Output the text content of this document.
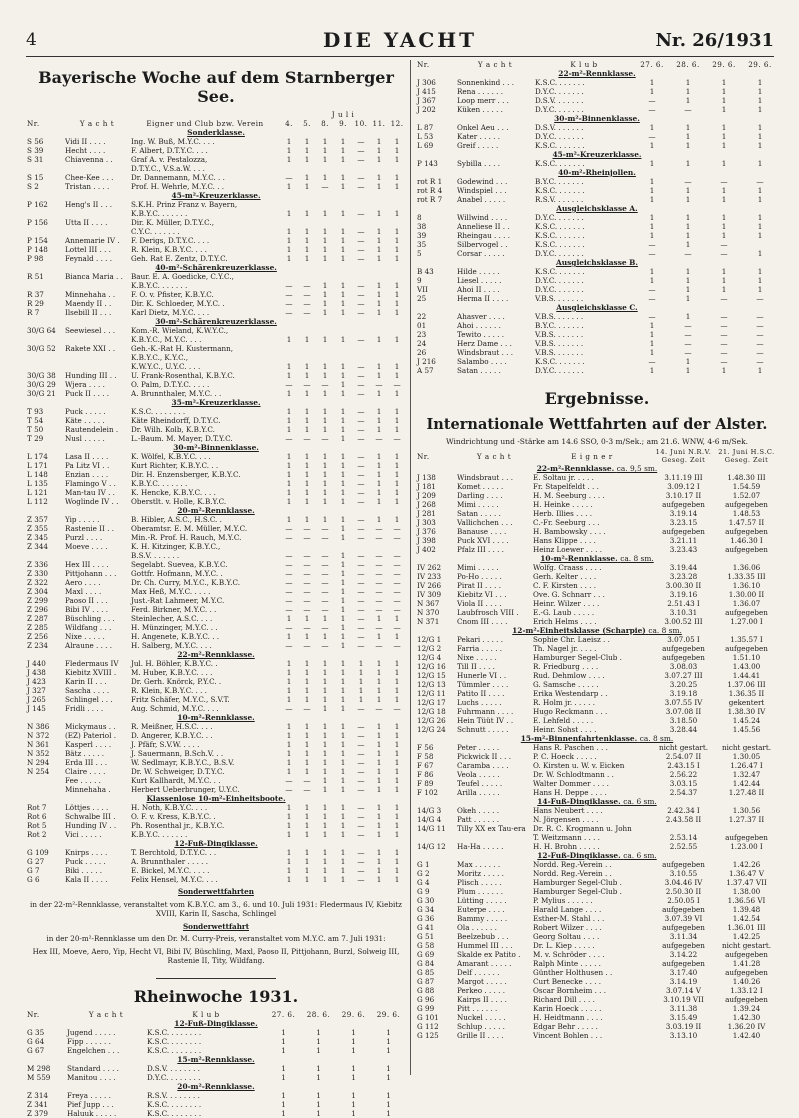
4	DIE YACHT	Nr. 26/1931
Bayerische Woche auf dem Starnberger See.
			J u l i						
Nr.	Y a c h t	Eigner und Club bzw. Verein	4.	5.	8.	9.	10.	11.	12.
Sonderklasse.									
S 56	Vidi II . . . .	Ing. W. Buß, M.Y.C. . . .	1	1	1	1	—	1	1
S 39	Hecht . . . .	F. Albert, D.T.Y.C. . . .	1	1	1	1	—	1	1
S 31	Chiavenna . .	Graf A. v. Pestalozza,	1	1	1	1	—	1	1
		D.T.Y.C., V.S.a.W. . . .							
S 15	Chee-Kee . . .	Dr. Dannemann, M.Y.C. . .	—	1	1	1	—	1	1
S 2	Tristan . . . .	Prof. H. Wehrle, M.Y.C. . .	1	1	—	1	—	1	1
45-m²-Kreuzerklasse.									
P 162	Heng's II . . .	S.K.H. Prinz Franz v. Bayern,							
		K.B.Y.C. . . . . . .	1	1	1	1	—	1	1
P 156	Utta II . . . .	Dir. K. Müller, D.T.Y.C.,							
		C.Y.C. . . . . . .	1	1	1	1	—	1	1
P 154	Annemarie IV .	F. Derigs, D.T.Y.C. . . .	1	1	1	1	—	1	1
P 148	Lottel III . . .	R. Klein, K.B.Y.C. . . .	1	1	1	1	—	1	1
P 98	Feynald . . . .	Geh. Rat E. Zentz, D.T.Y.C.	1	1	1	1	—	1	1
40-m²-Schärenkreuzerklasse.									
R 51	Bianca Maria . .	Baur. E. A. Goedicke, C.Y.C.,							
		K.B.Y.C. . . . . . .	—	—	1	1	—	1	1
R 37	Minnehaha . .	F. O. v. Pfister, K.B.Y.C.	—	—	1	1	—	1	1
R 29	Maendy II . .	Dir. K. Schloeder, M.Y.C. .	—	—	1	1	—	1	1
R 7	Ilsebill II . . .	Karl Dietz, M.Y.C. . . .	—	—	1	1	—	1	1
30-m²-Schärenkreuzerklasse.									
30/G 64	Seewiesel . . .	Kom.-R. Wieland, K.W.Y.C.,							
		K.B.Y.C., M.Y.C. . . .	1	1	1	1	—	1	1
30/G 52	Rakete XXI . .	Geh.-K.-Rat H. Kustermann,							
		K.B.Y.C., K.Y.C.,							
		K.W.Y.C., U.Y.C. . . .	1	1	1	1	—	1	1
30/G 38	Hunding III . .	U. Frank-Rosenthal, K.B.Y.C.	1	1	1	1	—	1	1
30/G 29	Wjera . . . .	O. Palm, D.T.Y.C. . . . .	—	—	—	1	—	—	—
30/G 21	Puck II . . . .	A. Brunnthaler, M.Y.C. . .	1	1	1	1	—	1	1
35-m²-Kreuzerklasse.									
T 93	Puck . . . . .	K.S.C. . . . . . . .	1	1	1	1	—	1	1
T 54	Käte . . . . .	Käte Rheindorff, D.T.Y.C.	1	1	1	1	—	1	1
T 50	Rautendelein .	Dr. Wilh. Kolb, K.B.Y.C.	1	1	1	1	—	1	1
T 29	Nusl . . . . .	L.-Baum. M. Mayer, D.T.Y.C.	—	—	—	1	—	—	—
30-m²-Binnenklasse.									
L 174	Lasa II . . . .	K. Wölfel, K.B.Y.C. . . .	1	1	1	1	—	1	1
L 171	Pa Litz VI . .	Kurt Richter, K.B.Y.C. . .	1	1	1	1	—	1	1
L 148	Enzian . . . .	Dir. H. Enzensberger, K.B.Y.C.	1	1	1	1	—	1	1
L 135	Flamingo V . .	K.B.Y.C. . . . . . .	1	1	1	1	—	1	1
L 121	Man-tau IV . .	K. Hencke, K.B.Y.C. . . .	1	1	1	1	—	1	1
L 112	Woglinde IV . .	Oberstlt. v. Holle, K.B.Y.C.	1	1	1	1	—	1	1
20-m²-Rennklasse.									
Z 357	Yip . . . . .	B. Hibler, A.S.C., H.S.C. .	1	1	1	1	—	1	1
Z 355	Rastenie II . .	Oberamtsr. E. M. Müller, M.Y.C.	—	—	—	1	—	—	—
Z 345	Purzl . . . .	Min.-R. Prof. H. Rauch, M.Y.C.	—	—	—	1	—	—	—
Z 344	Moeve . . . .	K. H. Kitzinger, K.B.Y.C.,							
		B.S.V. . . . . . .	—	—	—	1	—	—	—
Z 336	Hex III . . . .	Segelabt. Suevea, K.B.Y.C.	—	—	—	1	—	—	—
Z 330	Pittjohann . . .	Gottfr. Hofmann, M.Y.C. .	—	—	—	1	—	—	—
Z 322	Aero . . . .	Dr. Ch. Curry, M.Y.C., K.B.Y.C.	—	—	—	1	—	—	—
Z 304	Maxl . . . .	Max Heß, M.Y.C. . . . .	—	—	—	1	—	—	—
Z 299	Paoso II . . .	Just.-Rat Lahmeer, M.Y.C.	—	—	—	1	—	—	—
Z 296	Bibi IV . . . .	Ferd. Birkner, M.Y.C. . .	—	—	—	1	—	—	—
Z 287	Büschling . . .	Steinlecher, A.S.C. . . .	1	1	1	1	—	1	1
Z 285	Wildfang . . .	H. Münzinger, M.Y.C. . .	—	—	—	1	—	—	—
Z 256	Nixe . . . . .	H. Angenete, K.B.Y.C. . .	1	1	1	1	—	1	1
Z 234	Alraune . . . .	H. Salberg, M.Y.C. . . .	—	—	—	1	—	—	—
22-m²-Rennklasse.									
J 440	Fledermaus IV	Jul. H. Böhler, K.B.Y.C. .	1	1	1	1	1	1	1
J 438	Kiebitz XVIII .	M. Huber, K.B.Y.C. . . .	1	1	1	1	1	1	1
J 423	Karin II . . .	Dr. Gerh. Knörck, P.Y.C. .	1	1	1	1	1	1	1
J 327	Sascha . . . .	R. Klein, K.B.Y.C. . . .	1	1	1	1	1	1	1
J 265	Schlingel . . .	Fritz Schäfer, M.Y.C., S.V.T.	1	1	1	1	1	1	1
J 145	Fridli . . . .	Aug. Schmid, M.Y.C. . . .	—	—	1	1	—	—	—
10-m²-Rennklasse.									
N 386	Mickymaus . .	R. Meißner, H.S.C. . . .	1	1	1	1	—	1	1
N 372	(EZ) Pateriol .	D. Angerer, K.B.Y.C. . .	1	1	1	1	—	1	1
N 361	Kasperl . . . .	J. Pfäfr, S.V.W. . . . .	1	1	1	1	—	1	1
N 352	Bätz . . . . .	J. Sauermann, B.Sch.V. . .	1	1	1	1	—	1	1
N 294	Erda III . . .	W. Sedlmayr, K.B.Y.C., B.S.V.	1	1	1	1	—	1	1
N 254	Claire . . . .	Dr. W. Schweiger, D.T.Y.C.	1	1	1	1	—	1	1
	Fee . . . . .	Kurt Kallhardt, M.Y.C. . .	—	—	1	1	—	1	1
	Minnehaha .	Herbert Ueberbrunger, U.Y.C.	—	—	1	1	—	1	1
Klassenlose 10-m²-Einheitsboote.									
Rot 7	Löttjes . . . .	H. Noth, K.B.Y.C. . . .	1	1	1	1	—	1	1
Rot 6	Schwalbe III .	O. F. v. Kress, K.B.Y.C. .	1	1	1	1	—	1	1
Rot 5	Hunding IV . .	Ph. Rosenthal jr., K.B.Y.C.	1	1	1	1	—	1	1
Rot 2	Vici . . . . .	K.B.Y.C. . . . . . .	1	1	1	1	—	1	1
12-Fuß-Dingiklasse.									
G 109	Knirps . . . .	T. Berchtold, D.T.Y.C. . .	1	1	1	1	—	1	1
G 27	Puck . . . . .	A. Brunnthaler . . . . .	1	1	1	1	—	1	1
G 7	Biki . . . . .	E. Bickel, M.Y.C. . . . .	1	1	1	1	—	1	1
G 6	Kala II . . . .	Felix Hensel, M.Y.C. . . .	1	1	1	1	—	1	1
Sonderwettfahrten
in der 22-m²-Rennklasse, veranstaltet vom K.B.Y.C. am 3., 6. und 10. Juli 1931: Fledermaus IV, Kiebitz XVIII, Karin II, Sascha, Schlingel
Sonderwettfahrt
in der 20-m²-Rennklasse um den Dr. M. Curry-Preis, veranstaltet vom M.Y.C. am 7. Juli 1931:
Hex III, Moeve, Aero, Yip, Hecht VI, Bibi IV, Büschling, Maxl, Paoso II, Pittjohann, Burzl, Solweig III, Rastenie II, Tity, Wildfang.
Rheinwoche 1931.
Nr.	Y a c h t	K l u b	27. 6.	28. 6.	29. 6.	29. 6.
12-Fuß-Dingiklasse.						
G 35	Jugend . . . . .	K.S.C. . . . . . . .	1	1	1	1
G 64	Fipp . . . . . .	K.S.C. . . . . . . .	1	1	1	1
G 67	Engelchen . . .	K.S.C. . . . . . . .	1	1	1	1
15-m²-Rennklasse.						
M 298	Standard . . . .	D.S.V. . . . . . . .	1	1	1	1
M 559	Manitou . . . .	D.Y.C. . . . . . . .	1	1	1	1
20-m²-Rennklasse.						
Z 314	Freya . . . . .	R.S.V. . . . . . . .	1	1	1	1
Z 341	Pief Jupp . . .	K.S.C. . . . . . . .	1	1	1	1
Z 379	Haluuk . . . . .	K.S.C. . . . . . . .	1	1	1	1
Nr.	Y a c h t	K l u b	27. 6.	28. 6.	29. 6.	29. 6.
22-m²-Rennklasse.						
J 306	Sonnenkind . . .	K.S.C. . . . . . .	1	1	1	1
J 415	Rena . . . . . .	D.Y.C. . . . . . .	1	1	1	1
J 367	Loop merr . . .	D.S.V. . . . . . .	—	1	1	1
J 202	Küken . . . . .	D.Y.C. . . . . . .	—	—	1	1
30-m²-Binnenklasse.						
L 87	Onkel Aeu . . .	D.S.V. . . . . . .	1	1	1	1
L 53	Kater . . . . .	D.Y.C. . . . . . .	—	1	1	1
L 69	Greif . . . . .	K.S.C. . . . . . .	1	1	1	1
45-m²-Kreuzerklasse.						
P 143	Sybilla . . . .	K.S.C. . . . . . .	1	1	1	1
40-m²-Rheinjollen.						
rot R 1	Godewind . . .	B.Y.C. . . . . . .	1	—	—	—
rot R 4	Windspiel . . .	K.S.C. . . . . . .	1	1	1	1
rot R 7	Anabel . . . . .	R.S.V. . . . . . .	1	1	1	1
Ausgleichsklasse A.						
8	Willwind . . . .	D.Y.C. . . . . . .	1	1	1	1
38	Anneliese II . .	K.S.C. . . . . . .	1	1	1	1
39	Rheingau . . . .	K.S.C. . . . . . .	1	1	1	1
35	Silbervogel . .	K.S.C. . . . . . .	—	1	—	
5	Corsar . . . . .	D.Y.C. . . . . . .	—	—	—	1
Ausgleichsklasse B.						
B 43	Hilde . . . . .	K.S.C. . . . . . .	1	1	1	1
9	Liesel . . . . .	D.Y.C. . . . . . .	1	1	1	1
VII	Ahoi II . . . .	D.Y.C. . . . . . .	—	1	1	1
25	Herma II . . . .	V.B.S. . . . . . .	—	1	—	—
Ausgleichsklasse C.						
22	Ahasver . . . .	V.B.S. . . . . . .	—	1	—	—
01	Ahoi . . . . . .	B.Y.C. . . . . . .	1	—	—	—
23	Tewito . . . . .	V.B.S. . . . . . .	1	—	—	—
24	Herz Dame . . .	V.B.S. . . . . . .	1	—	—	—
26	Windsbraut . . .	V.B.S. . . . . . .	1	—	—	—
J 216	Salambo . . . .	K.S.C. . . . . . .	—	1	—	—
A 57	Satan . . . . .	D.Y.C. . . . . . .	1	1	1	1
Ergebnisse.
Internationale Wettfahrten auf der Alster.
Windrichtung und -Stärke am 14.6 SSO, 0-3 m/Sek.; am 21.6. WNW, 4-6 m/Sek.
Nr.	Y a c h t	E i g n e r	14. Juni N.R.V. Geseg. Zeit	21. Juni H.S.C. Geseg. Zeit
22-m²-Rennklasse. ca. 9,5 sm.				
J 138	Windsbraut . . .	E. Soltau jr. . . . .	3.11.19 III	1.48.30 III
J 181	Komet . . . . .	Fr. Stapelfeldt . . .	3.09.12 I	1.54.59
J 209	Darling . . . .	H. M. Seeburg . . . .	3.10.17 II	1.52.07
J 268	Mimi . . . . .	H. Heinke . . . . .	aufgegeben	aufgegeben
J 281	Satan . . . . .	Herb. Illies . . . .	3.19.14	1.48.53
J 303	Vallichchen . . .	C.-Fr. Seeburg . . .	3.23.15	1.47.57 II
J 376	Banause . . . .	H. Bambowsky . . . .	aufgegeben	aufgegeben
J 398	Puck XVI . . . .	Hans Klippe . . . .	3.21.11	1.46.30 I
J 402	Pfalz III . . . .	Heinz Loewer . . . .	3.23.43	aufgegeben
10-m²-Rennklasse. ca. 8 sm.				
IV 262	Mimi . . . . .	Wolfg. Craass . . . .	3.19.44	1.36.06
IV 233	Po-Ho . . . . .	Gerh. Kelter . . . .	3.23.28	1.33.35 III
IV 266	Pirat II . . . .	C. F. Kirsten . . . .	3.00.30 II	1.36.10
IV 309	Kiebitz VI . . .	Ove. G. Schnarr . . .	3.19.16	1.30.00 II
N 367	Viola II . . . .	Heinr. Wilzer . . . .	2.51.43 I	1.36.07
N 370	Laubfrosch VIII .	E.-G. Laub . . . . .	3.10.31	aufgegeben
N 371	Cnom III . . . .	Erich Helms . . . .	3.00.52 III	1.27.00 I
12-m²-Einheitsklasse (Scharpie) ca. 8 sm.				
12/G 1	Pekari . . . . .	Sophie Chr. Laeisz . .	3.07.05 I	1.35.57 I
12/G 2	Farria . . . . .	Th. Nagel jr. . . . .	aufgegeben	aufgegeben
12/G 4	Nixe . . . . .	Hamburger Segel-Club .	aufgegeben	1.51.10
12/G 16	Till II . . . .	R. Friedburg . . . .	3.08.03	1.43.00
12/G 15	Hunerle VI . .	Rud. Dehmlow . . . .	3.07.27 III	1.44.41
12/G 13	Tümmler . . . .	G. Samsche . . . . .	3.20.25	1.37.06 III
12/G 11	Patito II . . . .	Erika Westendarp . .	3.19.18	1.36.35 II
12/G 17	Luchs . . . . .	R. Holm jr. . . . . .	3.07.55 IV	gekentert
12/G 18	Fuhrmann . . . .	Hugo Reckmann . . .	3.07.08 II	1.38.30 IV
12/G 26	Hein Tüüt IV . .	E. Lehfeld . . . . .	3.18.50	1.45.24
12/G 24	Schnutt . . . . .	Heinr. Sohst . . . .	3.28.44	1.45.56
15-m²-Binnenfahrtenklasse. ca. 8 sm.				
F 56	Peter . . . . .	Hans R. Paschen . . .	nicht gestart.	nicht gestart.
F 58	Pickwick II . . .	P. C. Hoeck . . . . .	2.54.07 II	1.30.05
F 67	Caramba . . . .	O. Kirsten u. W. v. Eicken	2.43.15 I	1.26.47 I
F 86	Veola . . . . .	Dr. W. Schlodtmann . .	2.56.22	1.32.47
F 89	Teufel . . . . .	Walter Dommer . . . .	3.03.15	1.42.44
F 102	Arilla . . . . .	Hans H. Deppe . . . .	2.54.37	1.27.48 II
14-Fuß-Dingiklasse. ca. 6 sm.				
14/G 3	Okeh . . . . .	Hans Neubert . . . .	2.42.34 I	1.30.56
14/G 4	Patt . . . . . .	N. Jörgensen . . . .	2.43.58 II	1.27.37 II
14/G 11	Tilly XX ex Tau-era	Dr. R. C. Krogmann u. John		
		T. Weitzmann . . . .	2.53.14	aufgegeben
14/G 12	Ha-Ha . . . . .	H. H. Brohn . . . . .	2.52.55	1.23.00 I
12-Fuß-Dingiklasse. ca. 6 sm.				
G 1	Max . . . . . .	Nordd. Reg.-Verein . .	aufgegeben	1.42.26
G 2	Moritz . . . . .	Nordd. Reg.-Verein . .	3.10.55	1.36.47 V
G 4	Plisch . . . . .	Hamburger Segel-Club .	3.04.46 IV	1.37.47 VII
G 9	Plum . . . . . .	Hamburger Segel-Club .	2.50.30 II	1.38.00
G 30	Lütting . . . . .	P. Mylius . . . . . .	2.50.05 I	1.36.56 VI
G 34	Euterpe . . . .	Harald Lange . . . .	aufgegeben	1.39.48
G 36	Bammy . . . . .	Esther-M. Stahl . . .	3.07.39 VI	1.42.54
G 41	Ola . . . . . .	Robert Wilzer . . . .	aufgegeben	1.36.01 III
G 51	Beelzebub . . .	Georg Soltau . . . .	3.11.34	1.42.25
G 58	Hummel III . . .	Dr. L. Kiep . . . . .	aufgegeben	nicht gestart.
G 69	Skalde ex Patito .	M. v. Schröder . . . .	3.14.22	aufgegeben
G 84	Amarant . . . . .	Ralph Minte . . . . .	aufgegeben	1.41.28
G 85	Delf . . . . . .	Günther Holthusen . .	3.17.40	aufgegeben
G 87	Margot . . . . .	Curt Benecke . . . .	3.14.19	1.40.26
G 88	Perkeo . . . . .	Oscar Bornheim . . .	3.07.14 V	1.33.12 I
G 96	Kairps II . . . .	Richard Dill . . . .	3.10.19 VII	aufgegeben
G 99	Pitt . . . . . .	Karin Hoeck . . . . .	3.11.38	1.39.24
G 101	Nuckel . . . . .	H. Heidtmann . . . .	3.15.49	1.42.30
G 112	Schlup . . . . .	Edgar Behr . . . . .	3.03.19 II	1.36.20 IV
G 125	Grille II . . . .	Vincent Bohlen . . .	3.13.10	1.42.40
